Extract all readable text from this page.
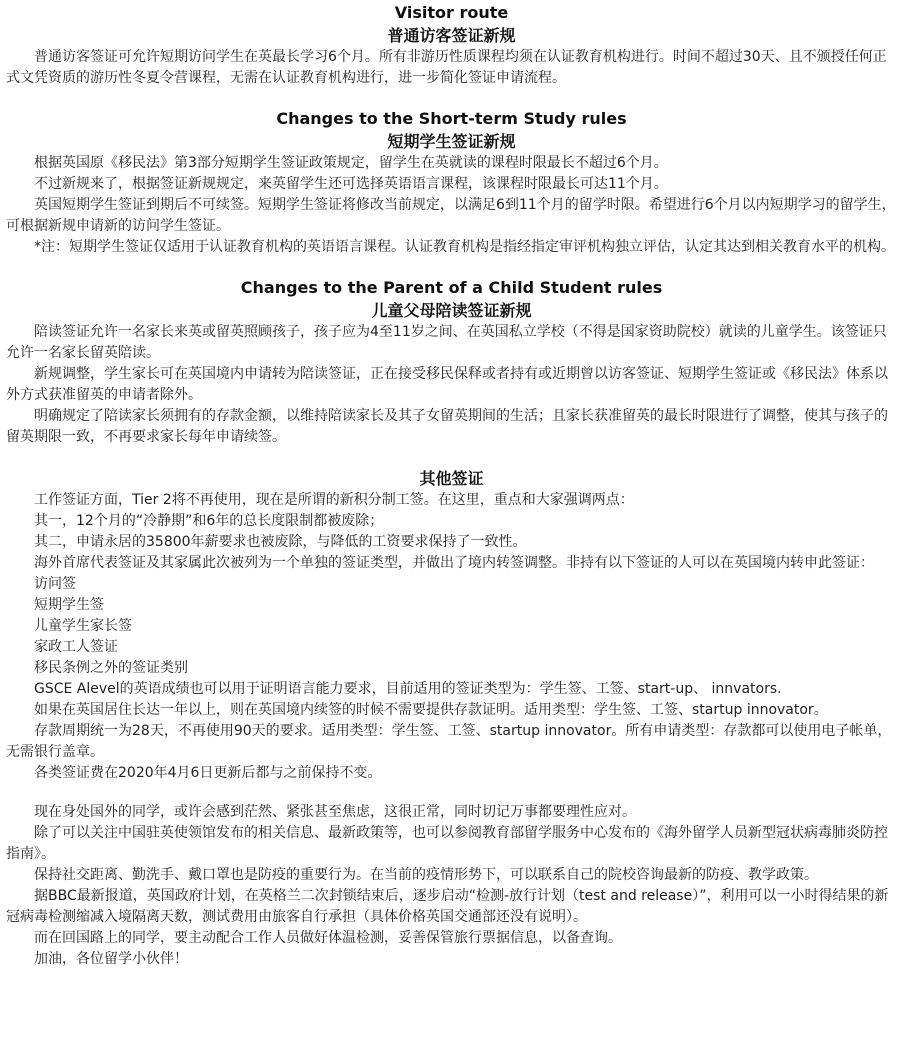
Visitor route
普通访客签证新规

普通访客签证可允许短期访问学生在英最长学习6个月。所有非游历性质课程均须在认证教育机构进行。时间不超过30天、且不颁授任何正式文凭资质的游历性冬夏令营课程，无需在认证教育机构进行，进一步简化签证申请流程。

Changes to the Short-term Study rules
短期学生签证新规

根据英国原《移民法》第3部分短期学生签证政策规定，留学生在英就读的课程时限最长不超过6个月。

不过新规来了，根据签证新规规定，来英留学生还可选择英语语言课程，该课程时限最长可达11个月。

英国短期学生签证到期后不可续签。短期学生签证将修改当前规定，以满足6到11个月的留学时限。希望进行6个月以内短期学习的留学生，可根据新规申请新的访问学生签证。

*注：短期学生签证仅适用于认证教育机构的英语语言课程。认证教育机构是指经指定审评机构独立评估，认定其达到相关教育水平的机构。

Changes to the Parent of a Child Student rules
儿童父母陪读签证新规

陪读签证允许一名家长来英或留英照顾孩子，孩子应为4至11岁之间、在英国私立学校（不得是国家资助院校）就读的儿童学生。该签证只允许一名家长留英陪读。

新规调整，学生家长可在英国境内申请转为陪读签证，正在接受移民保释或者持有或近期曾以访客签证、短期学生签证或《移民法》体系以外方式获准留英的申请者除外。

明确规定了陪读家长须拥有的存款金额，以维持陪读家长及其子女留英期间的生活；且家长获准留英的最长时限进行了调整，使其与孩子的留英期限一致，不再要求家长每年申请续签。

其他签证

工作签证方面，Tier 2将不再使用，现在是所谓的新积分制工签。在这里，重点和大家强调两点：

其一，12个月的“冷静期”和6年的总长度限制都被废除；

其二，申请永居的35800年薪要求也被废除，与降低的工资要求保持了一致性。

海外首席代表签证及其家属此次被列为一个单独的签证类型，并做出了境内转签调整。非持有以下签证的人可以在英国境内转申此签证：

访问签

短期学生签

儿童学生家长签

家政工人签证

移民条例之外的签证类别

GSCE Alevel的英语成绩也可以用于证明语言能力要求，目前适用的签证类型为：学生签、工签、start-up、 innvators.

如果在英国居住长达一年以上，则在英国境内续签的时候不需要提供存款证明。适用类型：学生签、工签、startup innovator。

存款周期统一为28天，不再使用90天的要求。适用类型：学生签、工签、startup innovator。所有申请类型：存款都可以使用电子帐单，无需银行盖章。

各类签证费在2020年4月6日更新后都与之前保持不变。

现在身处国外的同学，或许会感到茫然、紧张甚至焦虑，这很正常，同时切记万事都要理性应对。

除了可以关注中国驻英使领馆发布的相关信息、最新政策等，也可以参阅教育部留学服务中心发布的《海外留学人员新型冠状病毒肺炎防控指南》。

保持社交距离、勤洗手、戴口罩也是防疫的重要行为。在当前的疫情形势下，可以联系自己的院校咨询最新的防疫、教学政策。

据BBC最新报道，英国政府计划，在英格兰二次封锁结束后，逐步启动“检测-放行计划（test and release）”，利用可以一小时得结果的新冠病毒检测缩减入境隔离天数，测试费用由旅客自行承担（具体价格英国交通部还没有说明）。

而在回国路上的同学，要主动配合工作人员做好体温检测，妥善保管旅行票据信息，以备查询。

加油，各位留学小伙伴！
